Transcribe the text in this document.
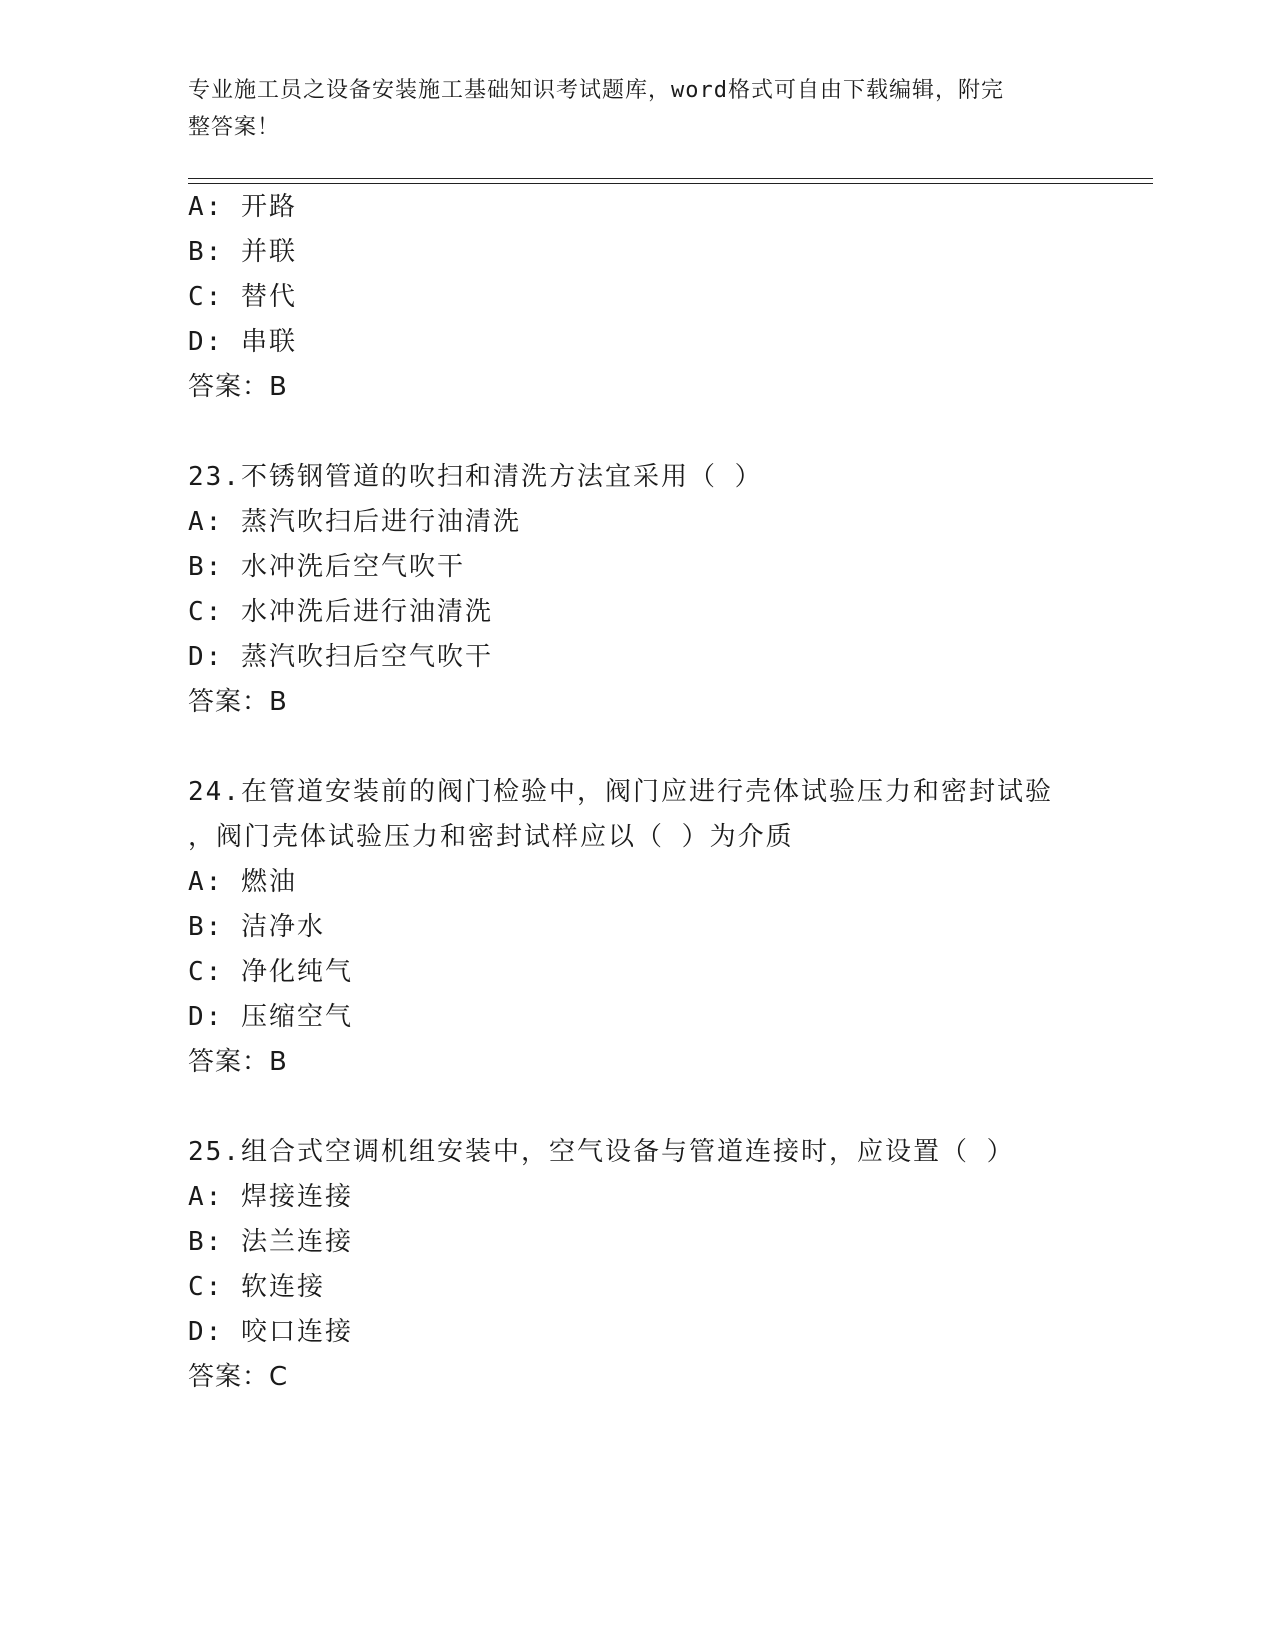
专业施工员之设备安装施工基础知识考试题库，word格式可自由下载编辑，附完
整答案！
A: 开路
B: 并联
C: 替代
D: 串联
答案：B
23.不锈钢管道的吹扫和清洗方法宜采用（ ）
A: 蒸汽吹扫后进行油清洗
B: 水冲洗后空气吹干
C: 水冲洗后进行油清洗
D: 蒸汽吹扫后空气吹干
答案：B
24.在管道安装前的阀门检验中，阀门应进行壳体试验压力和密封试验
，阀门壳体试验压力和密封试样应以（ ）为介质
A: 燃油
B: 洁净水
C: 净化纯气
D: 压缩空气
答案：B
25.组合式空调机组安装中，空气设备与管道连接时，应设置（ ）
A: 焊接连接
B: 法兰连接
C: 软连接
D: 咬口连接
答案：C
